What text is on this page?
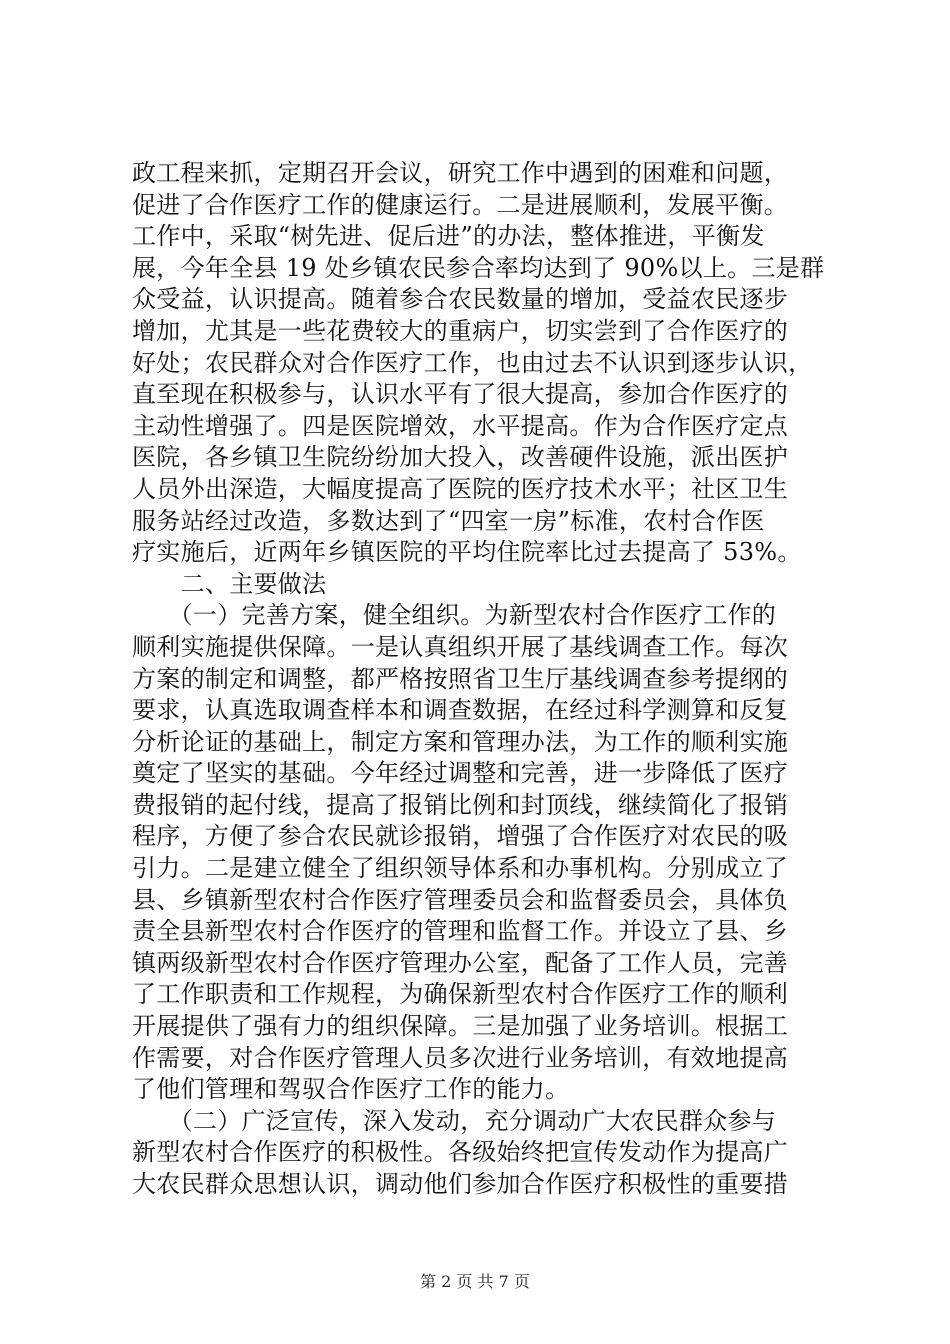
政工程来抓，定期召开会议，研究工作中遇到的困难和问题，
促进了合作医疗工作的健康运行。二是进展顺利，发展平衡。
工作中，采取“树先进、促后进”的办法，整体推进，平衡发
展，今年全县 19 处乡镇农民参合率均达到了 90%以上。三是群
众受益，认识提高。随着参合农民数量的增加，受益农民逐步
增加，尤其是一些花费较大的重病户，切实尝到了合作医疗的
好处；农民群众对合作医疗工作，也由过去不认识到逐步认识，
直至现在积极参与，认识水平有了很大提高，参加合作医疗的
主动性增强了。四是医院增效，水平提高。作为合作医疗定点
医院，各乡镇卫生院纷纷加大投入，改善硬件设施，派出医护
人员外出深造，大幅度提高了医院的医疗技术水平；社区卫生
服务站经过改造，多数达到了“四室一房”标准，农村合作医
疗实施后，近两年乡镇医院的平均住院率比过去提高了 53%。
　　二、主要做法
　　（一）完善方案，健全组织。为新型农村合作医疗工作的
顺利实施提供保障。一是认真组织开展了基线调查工作。每次
方案的制定和调整，都严格按照省卫生厅基线调查参考提纲的
要求，认真选取调查样本和调查数据，在经过科学测算和反复
分析论证的基础上，制定方案和管理办法，为工作的顺利实施
奠定了坚实的基础。今年经过调整和完善，进一步降低了医疗
费报销的起付线，提高了报销比例和封顶线，继续简化了报销
程序，方便了参合农民就诊报销，增强了合作医疗对农民的吸
引力。二是建立健全了组织领导体系和办事机构。分别成立了
县、乡镇新型农村合作医疗管理委员会和监督委员会，具体负
责全县新型农村合作医疗的管理和监督工作。并设立了县、乡
镇两级新型农村合作医疗管理办公室，配备了工作人员，完善
了工作职责和工作规程，为确保新型农村合作医疗工作的顺利
开展提供了强有力的组织保障。三是加强了业务培训。根据工
作需要，对合作医疗管理人员多次进行业务培训，有效地提高
了他们管理和驾驭合作医疗工作的能力。
　　（二）广泛宣传，深入发动，充分调动广大农民群众参与
新型农村合作医疗的积极性。各级始终把宣传发动作为提高广
大农民群众思想认识，调动他们参加合作医疗积极性的重要措
第 2 页 共 7 页
